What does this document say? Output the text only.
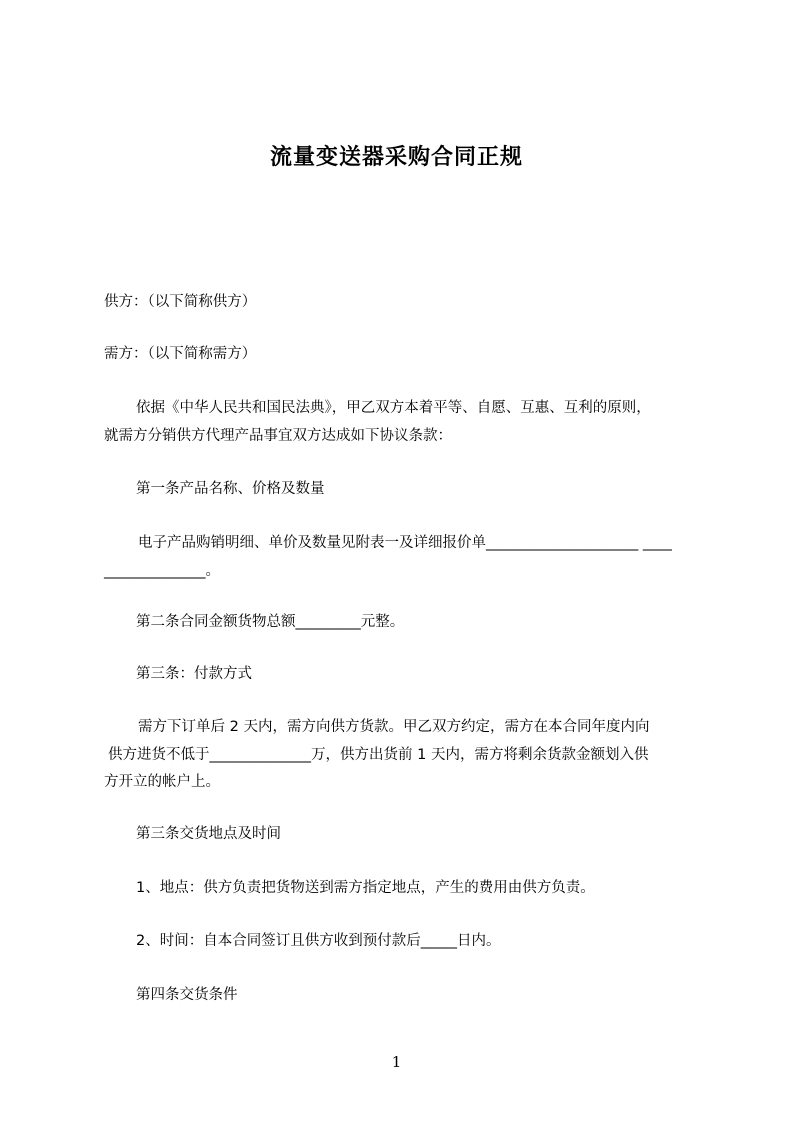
流量变送器采购合同正规

供方：（以下简称供方）

需方：（以下简称需方）

依据《中华人民共和国民法典》，甲乙双方本着平等、自愿、互惠、互利的原则，

就需方分销供方代理产品事宜双方达成如下协议条款：

第一条产品名称、价格及数量

电子产品购销明细、单价及数量见附表一及详细报价单_____________________ ____

______________。

第二条合同金额货物总额_________元整。

第三条：付款方式

需方下订单后 2 天内，需方向供方货款。甲乙双方约定，需方在本合同年度内向

供方进货不低于______________万，供方出货前 1 天内，需方将剩余货款金额划入供

方开立的帐户上。

第三条交货地点及时间

1、地点：供方负责把货物送到需方指定地点，产生的费用由供方负责。

2、时间：自本合同签订且供方收到预付款后_____日内。

第四条交货条件

1
